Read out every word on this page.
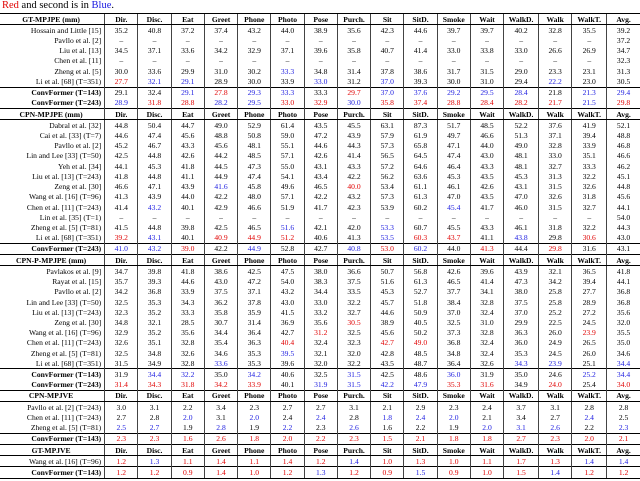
Red and second is in Blue.
GT-MPJPE (mm)	Dir.	Disc.	Eat	Greet	Phone	Photo	Pose	Purch.	Sit	SitD.	Smoke	Wait	WalkD.	Walk	WalkT.	Avg.
Hossain and Little [15]	35.2	40.8	37.2	37.4	43.2	44.0	38.9	35.6	42.3	44.6	39.7	39.7	40.2	32.8	35.5	39.2
Pavllo et al. [2]	–	–	–	–	–	–	–	–	–	–	–	–	–	–	–	37.2
Liu et al. [13]	34.5	37.1	33.6	34.2	32.9	37.1	39.6	35.8	40.7	41.4	33.0	33.8	33.0	26.6	26.9	34.7
Chen et al. [11]	–	–	–	–	–	–	–	–	–	–	–	–	–	–	–	32.3
Zheng et al. [5]	30.0	33.6	29.9	31.0	30.2	33.3	34.8	31.4	37.8	38.6	31.7	31.5	29.0	23.3	23.1	31.3
Li et al. [68] (T=351)	27.7	32.1	29.1	28.9	30.0	33.9	33.0	31.2	37.0	39.3	30.0	31.0	29.4	22.2	23.0	30.5
ConvFormer (T=143)	29.1	32.4	29.1	27.8	29.3	33.3	33.3	29.7	37.0	37.6	29.2	29.5	28.4	21.8	21.3	29.4
ConvFormer (T=243)	28.9	31.8	28.8	28.2	29.5	33.0	32.9	30.0	35.8	37.4	28.8	28.4	28.2	21.7	21.5	29.8
CPN-MPJPE (mm)	Dir.	Disc.	Eat	Greet	Phone	Photo	Pose	Purch.	Sit	SitD.	Smoke	Wait	WalkD.	Walk	WalkT.	Avg.
Dabral et al. [32]	44.8	50.4	44.7	49.0	52.9	61.4	43.5	45.5	63.1	87.3	51.7	48.5	52.2	37.6	41.9	52.1
Cai et al. [33] (T=7)	44.6	47.4	45.6	48.8	50.8	59.0	47.2	43.9	57.9	61.9	49.7	46.6	51.3	37.1	39.4	48.8
Pavllo et al. [2]	45.2	46.7	43.3	45.6	48.1	55.1	44.6	44.3	57.3	65.8	47.1	44.0	49.0	32.8	33.9	46.8
Lin and Lee [33] (T=50)	42.5	44.8	42.6	44.2	48.5	57.1	42.6	41.4	56.5	64.5	47.4	43.0	48.1	33.0	35.1	46.6
Yeh et al. [34]	44.1	45.3	41.8	44.5	47.3	55.0	43.1	43.3	57.2	64.6	46.4	43.3	48.1	32.7	33.3	46.2
Liu et al. [13] (T=243)	41.8	44.8	41.1	44.9	47.4	54.1	43.4	42.2	56.2	63.6	45.3	43.5	45.3	31.3	32.2	45.1
Zeng et al. [30]	46.6	47.1	43.9	41.6	45.8	49.6	46.5	40.0	53.4	61.1	46.1	42.6	43.1	31.5	32.6	44.8
Wang et al. [16] (T=96)	41.3	43.9	44.0	42.2	48.0	57.1	42.2	43.2	57.3	61.3	47.0	43.5	47.0	32.6	31.8	45.6
Chen et al. [11] (T=243)	41.4	43.2	40.1	42.9	46.6	51.9	41.7	42.3	53.9	60.2	45.4	41.7	46.0	31.5	32.7	44.1
Lin et al. [35] (T=1)	–	–	–	–	–	–	–	–	–	–	–	–	–	–	–	54.0
Zheng et al. [5] (T=81)	41.5	44.8	39.8	42.5	46.5	51.6	42.1	42.0	53.3	60.7	45.5	43.3	46.1	31.8	32.2	44.3
Li et al. [68] (T=351)	39.2	43.1	40.1	40.9	44.9	51.2	40.6	41.3	53.5	60.3	43.7	41.1	43.8	29.8	30.6	43.0
ConvFormer (T=243)	41.0	43.2	39.0	42.2	44.9	52.8	42.7	40.8	53.0	60.2	44.0	41.3	44.4	29.8	31.6	43.1
CPN-P-MPJPE (mm)	Dir.	Disc.	Eat	Greet	Phone	Photo	Pose	Purch.	Sit	SitD.	Smoke	Wait	WalkD.	Walk	WalkT.	Avg.
Pavlakos et al. [9]	34.7	39.8	41.8	38.6	42.5	47.5	38.0	36.6	50.7	56.8	42.6	39.6	43.9	32.1	36.5	41.8
Rayat et al. [15]	35.7	39.3	44.6	43.0	47.2	54.0	38.3	37.5	51.6	61.3	46.5	41.4	47.3	34.2	39.4	44.1
Pavllo et al. [2]	34.2	36.8	33.9	37.5	37.1	43.2	34.4	33.5	45.3	52.7	37.7	34.1	38.0	25.8	27.7	36.8
Lin and Lee [33] (T=50)	32.5	35.3	34.3	36.2	37.8	43.0	33.0	32.2	45.7	51.8	38.4	32.8	37.5	25.8	28.9	36.8
Liu et al. [13] (T=243)	32.3	35.2	33.3	35.8	35.9	41.5	33.2	32.7	44.6	50.9	37.0	32.4	37.0	25.2	27.2	35.6
Zeng et al. [30]	34.8	32.1	28.5	30.7	31.4	36.9	35.6	30.5	38.9	40.5	32.5	31.0	29.9	22.5	24.5	32.0
Wang et al. [16] (T=96)	32.9	35.2	35.6	34.4	36.4	42.7	31.2	32.5	45.6	50.2	37.3	32.8	36.3	26.0	23.9	35.5
Chen et al. [11] (T=243)	32.6	35.1	32.8	35.4	36.3	40.4	32.4	32.3	42.7	49.0	36.8	32.4	36.0	24.9	26.5	35.0
Zheng et al. [5] (T=81)	32.5	34.8	32.6	34.6	35.3	39.5	32.1	32.0	42.8	48.5	34.8	32.4	35.3	24.5	26.0	34.6
Li et al. [68] (T=351)	31.5	34.9	32.8	33.6	35.3	39.6	32.0	32.2	43.5	48.7	36.4	32.6	34.3	23.9	25.1	34.4
ConvFormer (T=143)	31.9	34.4	32.2	35.0	34.2	40.6	32.5	31.5	42.5	48.6	36.0	31.9	35.0	24.6	25.2	34.4
ConvFormer (T=243)	31.4	34.3	31.8	34.2	33.9	40.1	31.9	31.5	42.2	47.9	35.3	31.6	34.9	24.0	25.4	34.0
CPN-MPJVE	Dir.	Disc.	Eat	Greet	Phone	Photo	Pose	Purch.	Sit	SitD.	Smoke	Wait	WalkD.	Walk	WalkT.	Avg.
Pavllo et al. [2] (T=243)	3.0	3.1	2.2	3.4	2.3	2.7	2.7	3.1	2.1	2.9	2.3	2.4	3.7	3.1	2.8	2.8
Chen et al. [11] (T=243)	2.7	2.8	2.0	3.1	2.0	2.4	2.4	2.8	1.8	2.4	2.0	2.1	3.4	2.7	2.4	2.5
Zheng et al. [5] (T=81)	2.5	2.7	1.9	2.8	1.9	2.2	2.3	2.6	1.6	2.2	1.9	2.0	3.1	2.6	2.2	2.3
ConvFormer (T=143)	2.3	2.3	1.6	2.6	1.8	2.0	2.2	2.3	1.5	2.1	1.8	1.8	2.7	2.3	2.0	2.1
GT-MPJVE	Dir.	Disc.	Eat	Greet	Phone	Photo	Pose	Purch.	Sit	SitD.	Smoke	Wait	WalkD.	Walk	WalkT.	Avg.
Wang et al. [16] (T=96)	1.2	1.3	1.1	1.4	1.1	1.4	1.2	1.4	1.0	1.3	1.0	1.1	1.7	1.3	1.4	1.4
ConvFormer (T=143)	1.2	1.2	0.9	1.4	1.0	1.2	1.3	1.2	0.9	1.5	0.9	1.0	1.5	1.4	1.2	1.2
